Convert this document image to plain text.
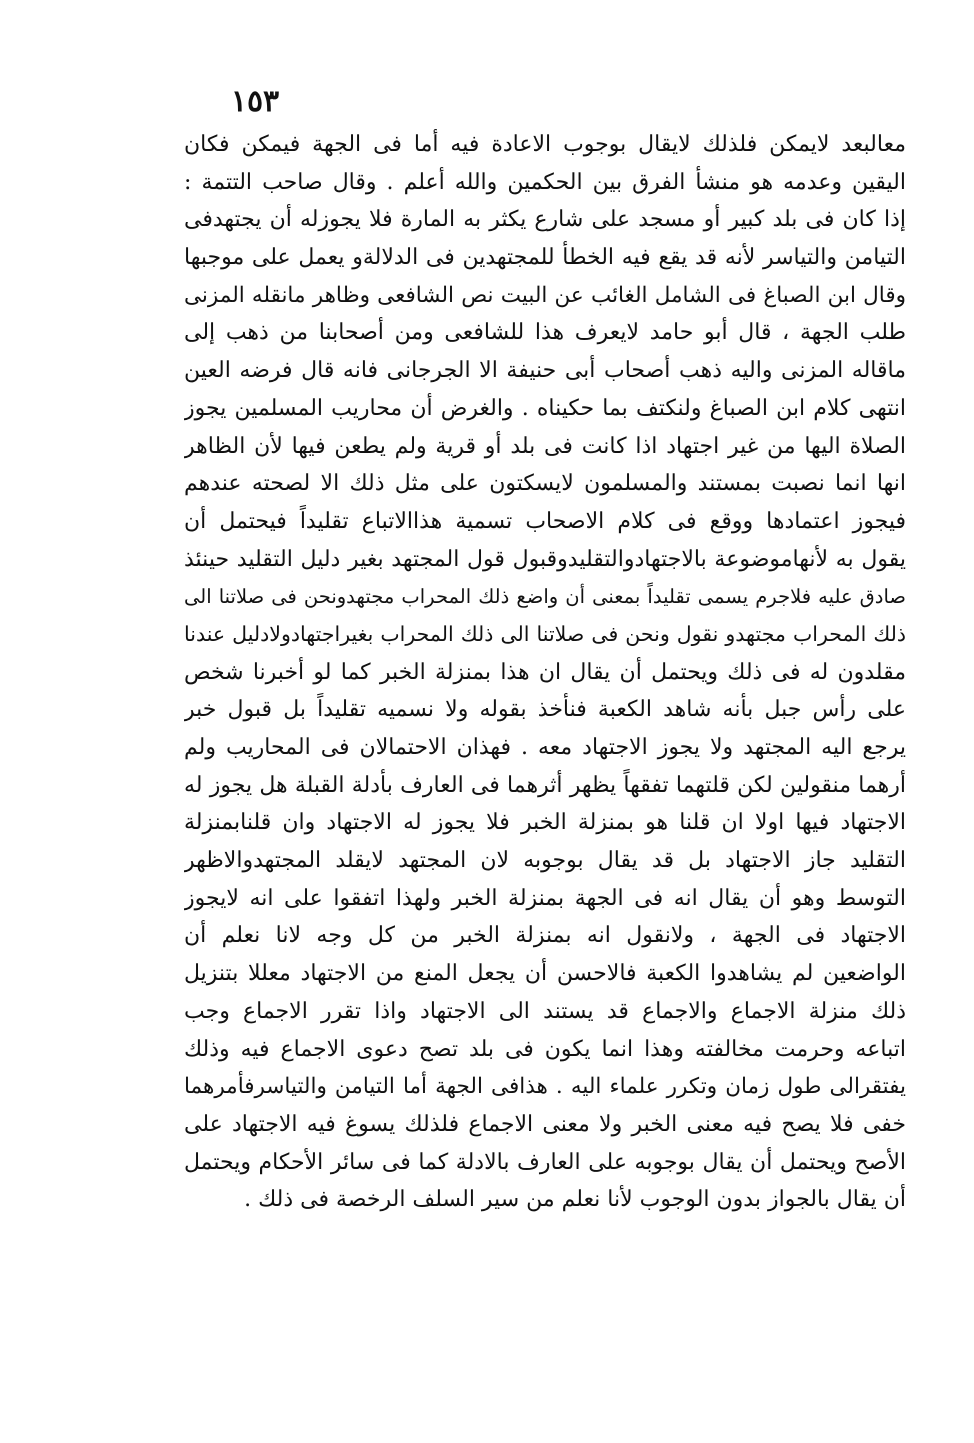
١٥٣
معالبعد لايمكن فلذلك لايقال بوجوب الاعادة فيه أما فى الجهة فيمكن فكان
اليقين وعدمه هو منشأ الفرق بين الحكمين والله أعلم . وقال صاحب التتمة :
إذا كان فى بلد كبير أو مسجد على شارع يكثر به المارة فلا يجوزله أن يجتهدفى
التيامن والتياسر لأنه قد يقع فيه الخطأ للمجتهدين فى الدلالةو يعمل على موجبها
وقال ابن الصباغ فى الشامل الغائب عن البيت نص الشافعى وظاهر مانقله المزنى
طلب الجهة ، قال أبو حامد لايعرف هذا للشافعى ومن أصحابنا من ذهب إلى
ماقاله المزنى واليه ذهب أصحاب أبى حنيفة الا الجرجانى فانه قال فرضه العين
انتهى كلام ابن الصباغ ولنكتف بما حكيناه . والغرض أن محاريب المسلمين يجوز
الصلاة اليها من غير اجتهاد اذا كانت فى بلد أو قرية ولم يطعن فيها لأن الظاهر
انها انما نصبت بمستند والمسلمون لايسكتون على مثل ذلك الا لصحته عندهم
فيجوز اعتمادها ووقع فى كلام الاصحاب تسمية هذاالاتباع تقليداً فيحتمل أن
يقول به لأنهاموضوعة بالاجتهادوالتقليدوقبول قول المجتهد بغير دليل التقليد حينئذ
صادق عليه فلاجرم يسمى تقليداً بمعنى أن واضع ذلك المحراب مجتهدونحن فى صلاتنا الى
ذلك المحراب مجتهدو نقول ونحن فى صلاتنا الى ذلك المحراب بغيراجتهادولادليل عندنا
مقلدون له فى ذلك ويحتمل أن يقال ان هذا بمنزلة الخبر كما لو أخبرنا شخص
على رأس جبل بأنه شاهد الكعبة فنأخذ بقوله ولا نسميه تقليداً بل قبول خبر
يرجع اليه المجتهد ولا يجوز الاجتهاد معه . فهذان الاحتمالان فى المحاريب ولم
أرهما منقولين لكن قلتهما تفقهاً يظهر أثرهما فى العارف بأدلة القبلة هل يجوز له
الاجتهاد فيها اولا ان قلنا هو بمنزلة الخبر فلا يجوز له الاجتهاد وان قلنابمنزلة
التقليد جاز الاجتهاد بل قد يقال بوجوبه لان المجتهد لايقلد المجتهدوالاظهر
التوسط وهو أن يقال انه فى الجهة بمنزلة الخبر ولهذا اتفقوا على انه لايجوز
الاجتهاد فى الجهة ، ولانقول انه بمنزلة الخبر من كل وجه لانا نعلم أن
الواضعين لم يشاهدوا الكعبة فالاحسن أن يجعل المنع من الاجتهاد معللا بتنزيل
ذلك منزلة الاجماع والاجماع قد يستند الى الاجتهاد واذا تقرر الاجماع وجب
اتباعه وحرمت مخالفته وهذا انما يكون فى بلد تصح دعوى الاجماع فيه وذلك
يفتقرالى طول زمان وتكرر علماء اليه . هذافى الجهة أما التيامن والتياسرفأمرهما
خفى فلا يصح فيه معنى الخبر ولا معنى الاجماع فلذلك يسوغ فيه الاجتهاد على
الأصح ويحتمل أن يقال بوجوبه على العارف بالادلة كما فى سائر الأحكام ويحتمل
أن يقال بالجواز بدون الوجوب لأنا نعلم من سير السلف الرخصة فى ذلك .
